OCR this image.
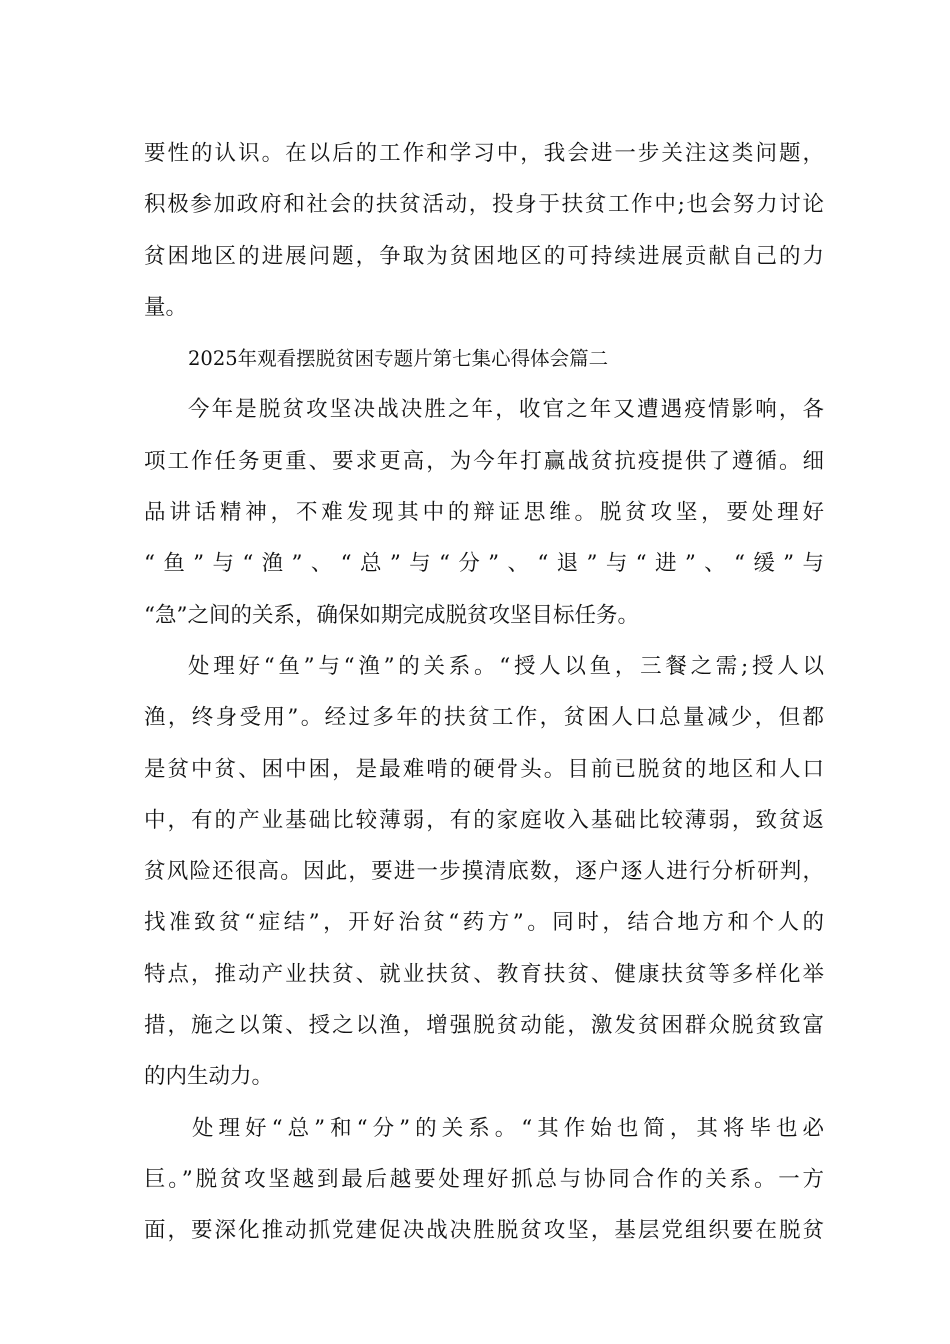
要性的认识。在以后的工作和学习中，我会进一步关注这类问题，
积极参加政府和社会的扶贫活动，投身于扶贫工作中;也会努力讨论
贫困地区的进展问题，争取为贫困地区的可持续进展贡献自己的力
量。
2025年观看摆脱贫困专题片第七集心得体会篇二
今年是脱贫攻坚决战决胜之年，收官之年又遭遇疫情影响，各
项工作任务更重、要求更高，为今年打赢战贫抗疫提供了遵循。细
品讲话精神，不难发现其中的辩证思维。脱贫攻坚，要处理好
“鱼”与“渔”、“总”与“分”、“退”与“进”、“缓”与
“急”之间的关系，确保如期完成脱贫攻坚目标任务。
处理好“鱼”与“渔”的关系。“授人以鱼，三餐之需;授人以
渔，终身受用”。经过多年的扶贫工作，贫困人口总量减少，但都
是贫中贫、困中困，是最难啃的硬骨头。目前已脱贫的地区和人口
中，有的产业基础比较薄弱，有的家庭收入基础比较薄弱，致贫返
贫风险还很高。因此，要进一步摸清底数，逐户逐人进行分析研判，
找准致贫“症结”，开好治贫“药方”。同时，结合地方和个人的
特点，推动产业扶贫、就业扶贫、教育扶贫、健康扶贫等多样化举
措，施之以策、授之以渔，增强脱贫动能，激发贫困群众脱贫致富
的内生动力。
处理好“总”和“分”的关系。“其作始也简，其将毕也必
巨。”脱贫攻坚越到最后越要处理好抓总与协同合作的关系。一方
面，要深化推动抓党建促决战决胜脱贫攻坚，基层党组织要在脱贫
